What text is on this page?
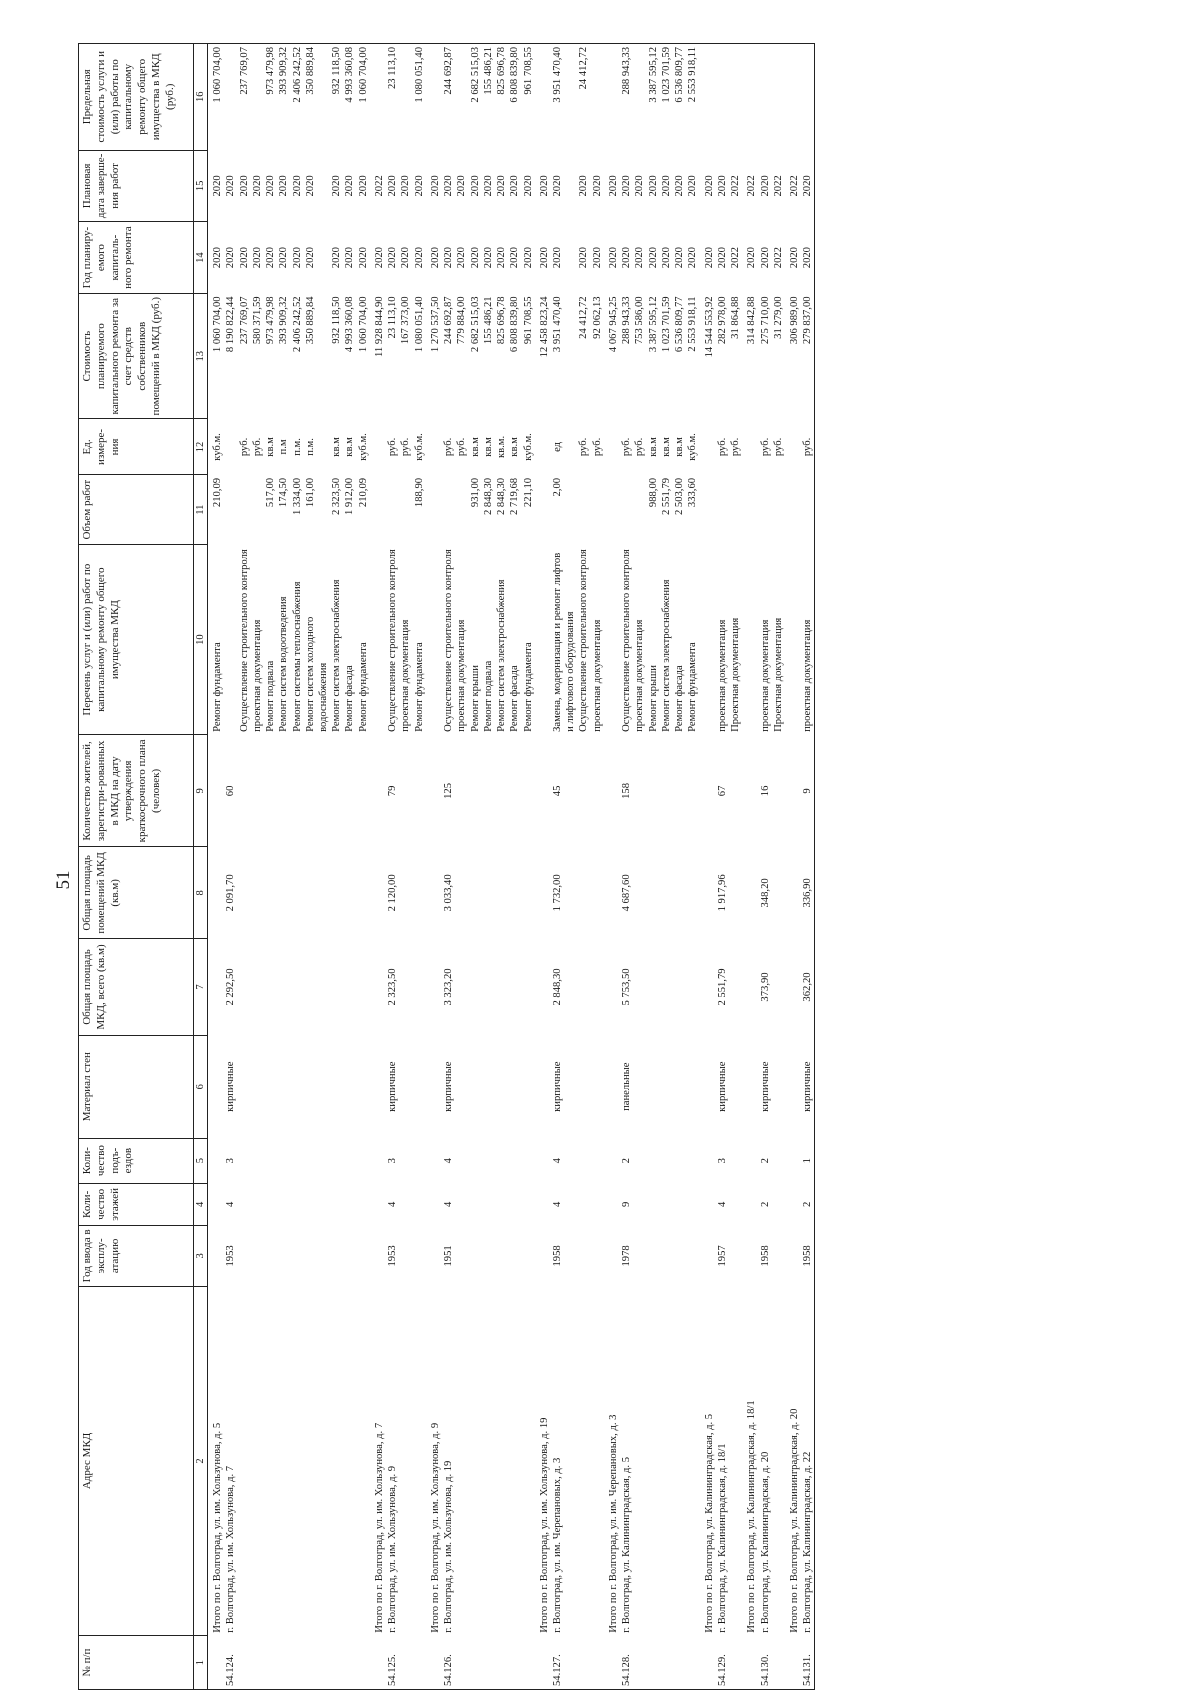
51
№ п/п	Адрес МКД	Год ввода в эксплу-атацию	Коли-чество этажей	Коли-чество подъ-ездов	Материал стен	Общая площадь МКД, всего (кв.м)	Общая площадь помещений МКД (кв.м)	Количество жителей, зарегистри-рованных в МКД на дату утверждения краткосрочного плана (человек)	Перечень услуг и (или) работ по капитальному ремонту общего имущества МКД	Объем работ	Ед. измере-ния	Стоимость планируемого капитального ремонта за счет средств собственников помещений в МКД (руб.)	Год планиру-емого капиталь-ного ремонта	Плановая дата заверше-ния работ	Предельная стоимость услуги и (или) работы по капитальному ремонту общего имущества в МКД (руб.)
1	2	3	4	5	6	7	8	9	10	11	12	13	14	15	16
	Итого по г. Волгоград, ул. им. Хользунова, д. 5								Ремонт фундамента	210,09	куб.м.	1 060 704,00	2020	2020	1 060 704,00
54.124.	г. Волгоград, ул. им. Хользунова, д. 7	1953	4	3	кирпичные	2 292,50	2 091,70	60				8 190 822,44	2020	2020	
									Осуществление строительного контроля		руб.	237 769,07	2020	2020	237 769,07
									проектная документация		руб.	580 371,59	2020	2020	
									Ремонт подвала	517,00	кв.м	973 479,98	2020	2020	973 479,98
									Ремонт систем водоотведения	174,50	п.м	393 909,32	2020	2020	393 909,32
									Ремонт системы теплоснабжения	1 334,00	п.м.	2 406 242,52	2020	2020	2 406 242,52
									Ремонт систем холодного водоснабжения	161,00	п.м.	350 889,84	2020	2020	350 889,84
									Ремонт систем электроснабжения	2 323,50	кв.м	932 118,50	2020	2020	932 118,50
									Ремонт фасада	1 912,00	кв.м	4 993 360,08	2020	2020	4 993 360,08
									Ремонт фундамента	210,09	куб.м.	1 060 704,00	2020	2020	1 060 704,00
	Итого по г. Волгоград, ул. им. Хользунова, д. 7											11 928 844,90	2020	2022	
54.125.	г. Волгоград, ул. им. Хользунова, д. 9	1953	4	3	кирпичные	2 323,50	2 120,00	79	Осуществление строительного контроля		руб.	23 113,10	2020	2020	23 113,10
									проектная документация		руб.	167 373,00	2020	2020	
									Ремонт фундамента	188,90	куб.м.	1 080 051,40	2020	2020	1 080 051,40
	Итого по г. Волгоград, ул. им. Хользунова, д. 9											1 270 537,50	2020	2020	
54.126.	г. Волгоград, ул. им. Хользунова, д. 19	1951	4	4	кирпичные	3 323,20	3 033,40	125	Осуществление строительного контроля		руб.	244 692,87	2020	2020	244 692,87
									проектная документация		руб.	779 884,00	2020	2020	
									Ремонт крыши	931,00	кв.м	2 682 515,03	2020	2020	2 682 515,03
									Ремонт подвала	2 848,30	кв.м	155 486,21	2020	2020	155 486,21
									Ремонт систем электроснабжения	2 848,30	кв.м.	825 696,78	2020	2020	825 696,78
									Ремонт фасада	2 719,68	кв.м	6 808 839,80	2020	2020	6 808 839,80
									Ремонт фундамента	221,10	куб.м.	961 708,55	2020	2020	961 708,55
	Итого по г. Волгоград, ул. им. Хользунова, д. 19											12 458 823,24	2020	2020	
54.127.	г. Волгоград, ул. им. Черепановых, д. 3	1958	4	4	кирпичные	2 848,30	1 732,00	45	Замена, модернизация и ремонт лифтов и лифтового оборудования	2,00	ед	3 951 470,40	2020	2020	3 951 470,40
									Осуществление строительного контроля		руб.	24 412,72	2020	2020	24 412,72
									проектная документация		руб.	92 062,13	2020	2020	
	Итого по г. Волгоград, ул. им. Черепановых, д. 3											4 067 945,25	2020	2020	
54.128.	г. Волгоград, ул. Калининградская, д. 5	1978	9	2	панельные	5 753,50	4 687,60	158	Осуществление строительного контроля		руб.	288 943,33	2020	2020	288 943,33
									проектная документация		руб.	753 586,00	2020	2020	
									Ремонт крыши	988,00	кв.м	3 387 595,12	2020	2020	3 387 595,12
									Ремонт систем электроснабжения	2 551,79	кв.м	1 023 701,59	2020	2020	1 023 701,59
									Ремонт фасада	2 503,00	кв.м	6 536 809,77	2020	2020	6 536 809,77
									Ремонт фундамента	333,60	куб.м.	2 553 918,11	2020	2020	2 553 918,11
	Итого по г. Волгоград, ул. Калининградская, д. 5											14 544 553,92	2020	2020	
54.129.	г. Волгоград, ул. Калининградская, д. 18/1	1957	4	3	кирпичные	2 551,79	1 917,96	67	проектная документация		руб.	282 978,00	2020	2020	
									Проектная документация		руб.	31 864,88	2022	2022	
	Итого по г. Волгоград, ул. Калининградская, д. 18/1											314 842,88	2020	2022	
54.130.	г. Волгоград, ул. Калининградская, д. 20	1958	2	2	кирпичные	373,90	348,20	16	проектная документация		руб.	275 710,00	2020	2020	
									Проектная документация		руб.	31 279,00	2022	2022	
	Итого по г. Волгоград, ул. Калининградская, д. 20											306 989,00	2020	2022	
54.131.	г. Волгоград, ул. Калининградская, д. 22	1958	2	1	кирпичные	362,20	336,90	9	проектная документация		руб.	279 837,00	2020	2020	
